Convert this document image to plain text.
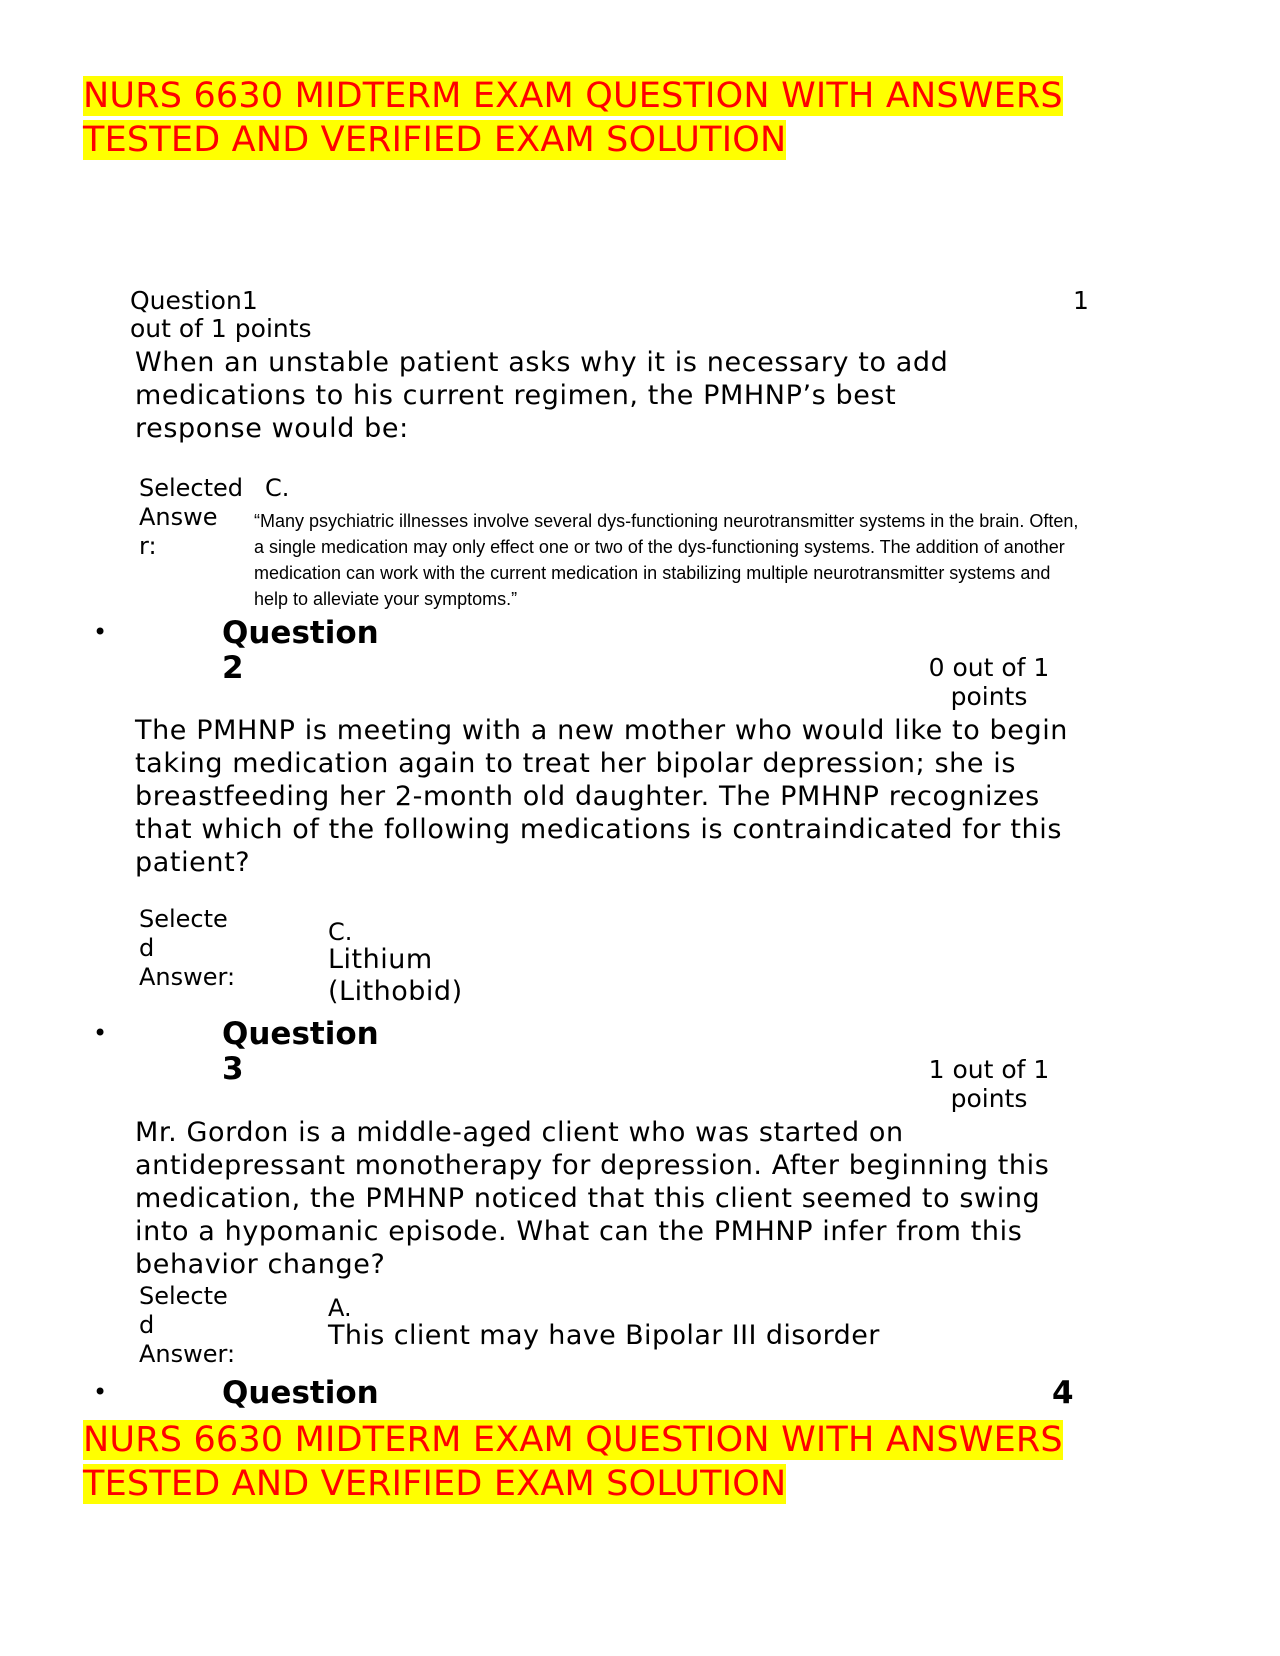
NURS 6630 MIDTERM EXAM QUESTION WITH ANSWERS
TESTED AND VERIFIED EXAM SOLUTION
Question1	1
out of 1 points
When an unstable patient asks why it is necessary to add medications to his current regimen, the PMHNP’s best response would be:
Selected
Answe
r:
C.
“Many psychiatric illnesses involve several dys-functioning neurotransmitter systems in the brain. Often, a single medication may only effect one or two of the dys-functioning systems. The addition of another medication can work with the current medication in stabilizing multiple neurotransmitter systems and help to alleviate your symptoms.”
•	Question
2	0 out of 1
points
The PMHNP is meeting with a new mother who would like to begin taking medication again to treat her bipolar depression; she is breastfeeding her 2-month old daughter. The PMHNP recognizes that which of the following medications is contraindicated for this patient?
Selecte
d
Answer:
C.
Lithium
(Lithobid)
•	Question
3	1 out of 1
points
Mr. Gordon is a middle-aged client who was started on antidepressant monotherapy for depression. After beginning this medication, the PMHNP noticed that this client seemed to swing into a hypomanic episode. What can the PMHNP infer from this behavior change?
Selecte
d
Answer:
A.
This client may have Bipolar III disorder
•	Question	4
NURS 6630 MIDTERM EXAM QUESTION WITH ANSWERS
TESTED AND VERIFIED EXAM SOLUTION
